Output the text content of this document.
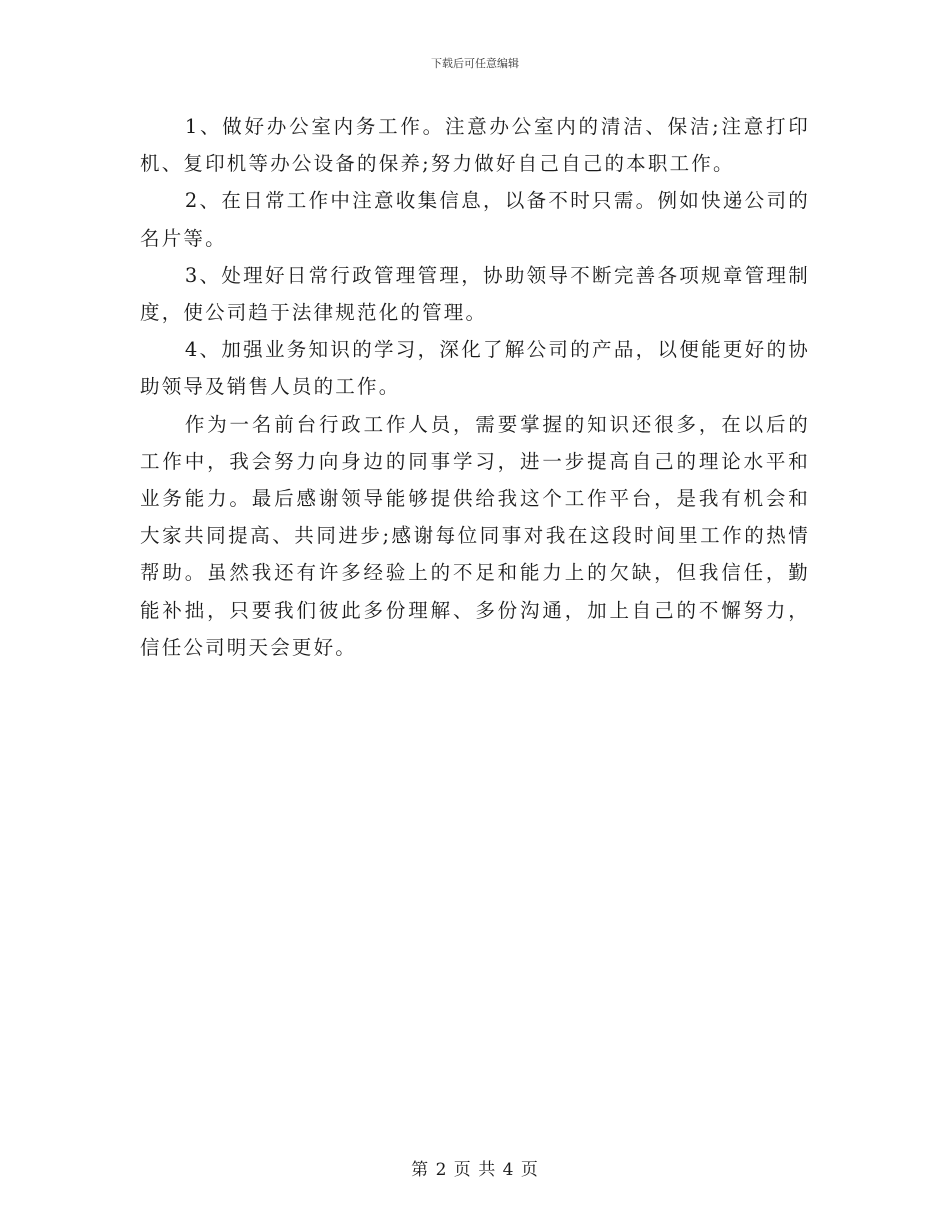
下载后可任意编辑

1、做好办公室内务工作。注意办公室内的清洁、保洁;注意打印机、复印机等办公设备的保养;努力做好自己自己的本职工作。

2、在日常工作中注意收集信息，以备不时只需。例如快递公司的名片等。

3、处理好日常行政管理管理，协助领导不断完善各项规章管理制度，使公司趋于法律规范化的管理。

4、加强业务知识的学习，深化了解公司的产品，以便能更好的协助领导及销售人员的工作。

作为一名前台行政工作人员，需要掌握的知识还很多，在以后的工作中，我会努力向身边的同事学习，进一步提高自己的理论水平和业务能力。最后感谢领导能够提供给我这个工作平台，是我有机会和大家共同提高、共同进步;感谢每位同事对我在这段时间里工作的热情帮助。虽然我还有许多经验上的不足和能力上的欠缺，但我信任，勤能补拙，只要我们彼此多份理解、多份沟通，加上自己的不懈努力，信任公司明天会更好。

第 2 页 共 4 页
